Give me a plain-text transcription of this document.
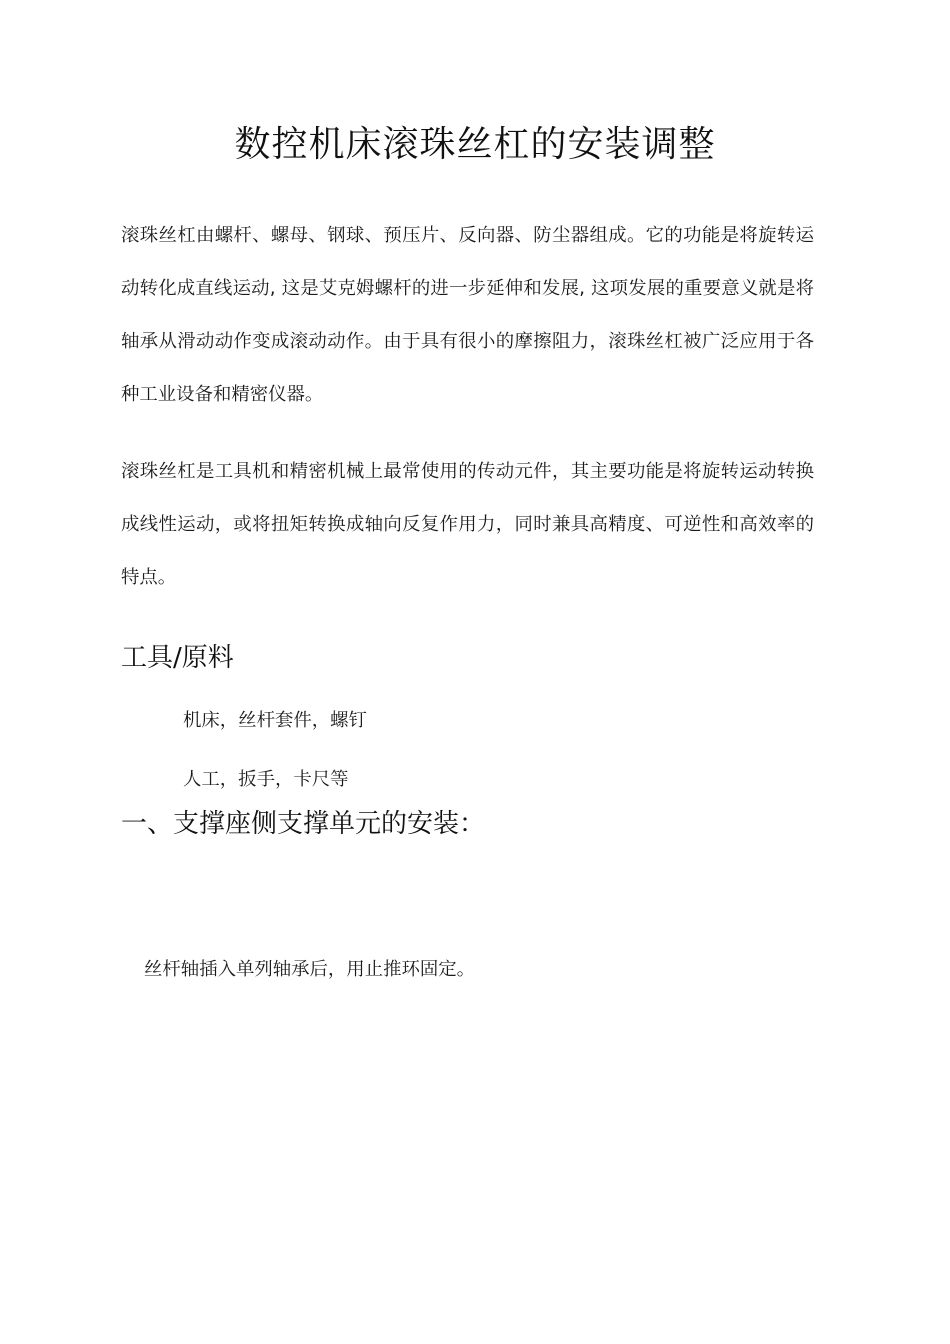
数控机床滚珠丝杠的安装调整

滚珠丝杠由螺杆、螺母、钢球、预压片、反向器、防尘器组成。它的功能是将旋转运动转化成直线运动, 这是艾克姆螺杆的进一步延伸和发展, 这项发展的重要意义就是将轴承从滑动动作变成滚动动作。由于具有很小的摩擦阻力，滚珠丝杠被广泛应用于各种工业设备和精密仪器。

滚珠丝杠是工具机和精密机械上最常使用的传动元件，其主要功能是将旋转运动转换成线性运动，或将扭矩转换成轴向反复作用力，同时兼具高精度、可逆性和高效率的特点。

工具/原料
机床，丝杆套件，螺钉
人工，扳手，卡尺等
一、支撑座侧支撑单元的安装：
丝杆轴插入单列轴承后，用止推环固定。
